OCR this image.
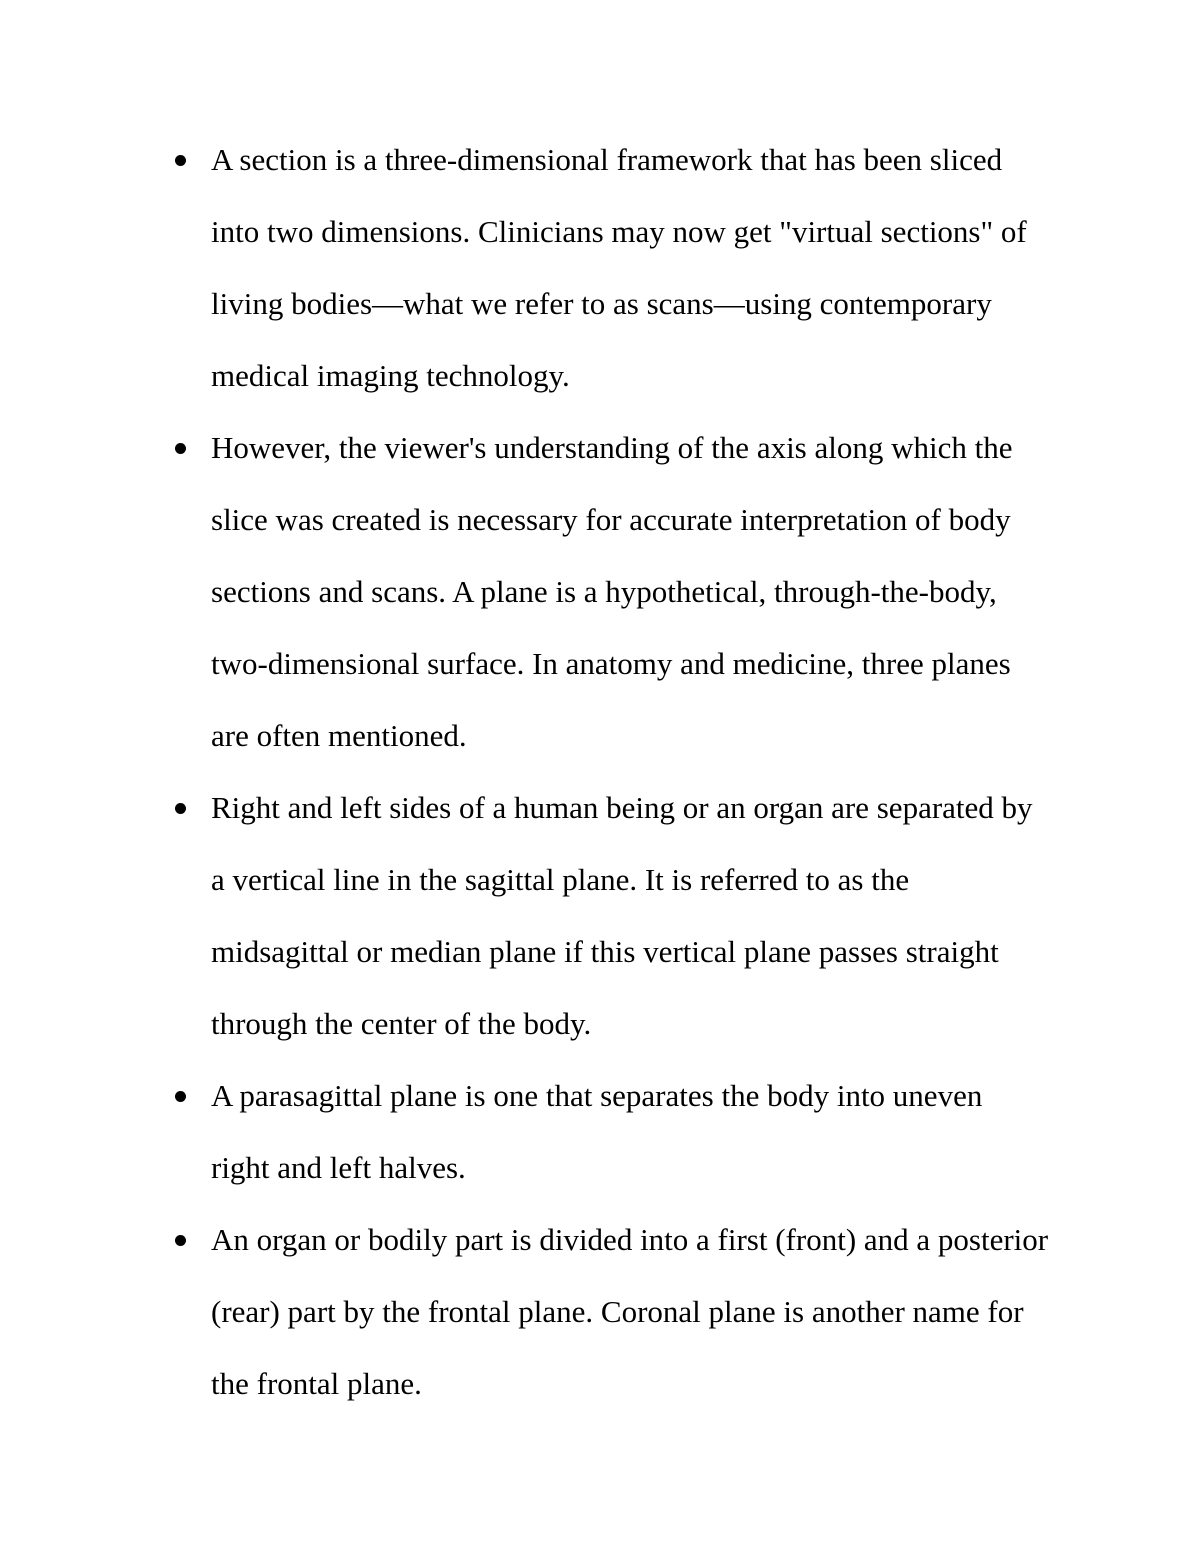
A section is a three-dimensional framework that has been sliced
into two dimensions. Clinicians may now get "virtual sections" of
living bodies—what we refer to as scans—using contemporary
medical imaging technology.
However, the viewer's understanding of the axis along which the
slice was created is necessary for accurate interpretation of body
sections and scans. A plane is a hypothetical, through-the-body,
two-dimensional surface. In anatomy and medicine, three planes
are often mentioned.
Right and left sides of a human being or an organ are separated by
a vertical line in the sagittal plane. It is referred to as the
midsagittal or median plane if this vertical plane passes straight
through the center of the body.
A parasagittal plane is one that separates the body into uneven
right and left halves.
An organ or bodily part is divided into a first (front) and a posterior
(rear) part by the frontal plane. Coronal plane is another name for
the frontal plane.
